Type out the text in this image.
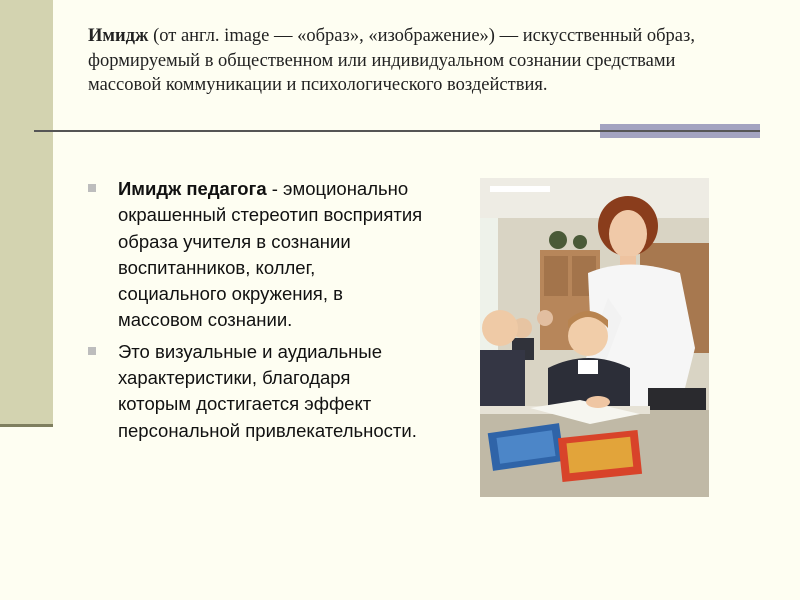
Имидж (от англ. image — «образ», «изображение») — искусственный образ, формируемый в общественном или индивидуальном сознании средствами массовой коммуникации и психологического воздействия.

Имидж педагога - эмоционально окрашенный стереотип восприятия образа учителя в сознании воспитанников, коллег, социального окружения, в массовом сознании.
Это визуальные и аудиальные характеристики, благодаря которым достигается эффект персональной привлекательности.
